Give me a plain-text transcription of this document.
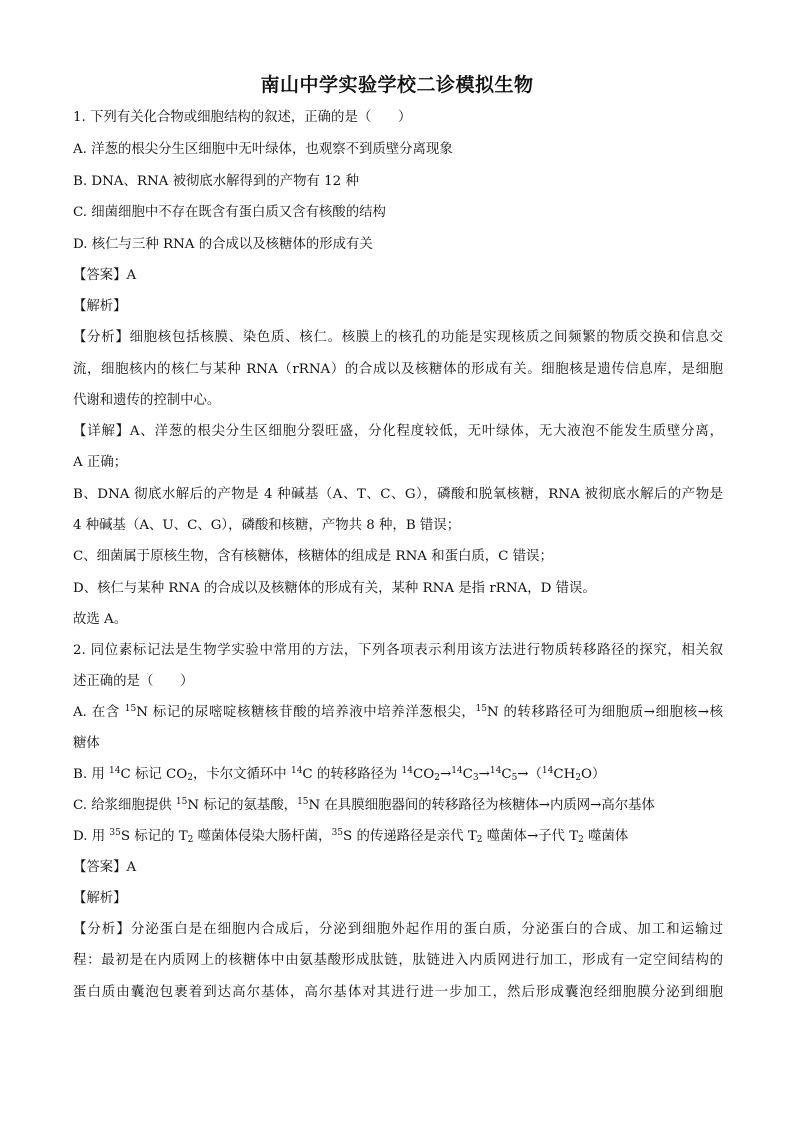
南山中学实验学校二诊模拟生物
1. 下列有关化合物或细胞结构的叙述，正确的是（　　）
A. 洋葱的根尖分生区细胞中无叶绿体，也观察不到质壁分离现象
B. DNA、RNA 被彻底水解得到的产物有 12 种
C. 细菌细胞中不存在既含有蛋白质又含有核酸的结构
D. 核仁与三种 RNA 的合成以及核糖体的形成有关
【答案】A
【解析】
【分析】细胞核包括核膜、染色质、核仁。核膜上的核孔的功能是实现核质之间频繁的物质交换和信息交
流，细胞核内的核仁与某种 RNA（rRNA）的合成以及核糖体的形成有关。细胞核是遗传信息库，是细胞
代谢和遗传的控制中心。
【详解】A、洋葱的根尖分生区细胞分裂旺盛，分化程度较低，无叶绿体，无大液泡不能发生质壁分离，
A 正确；
B、DNA 彻底水解后的产物是 4 种碱基（A、T、C、G），磷酸和脱氧核糖，RNA 被彻底水解后的产物是
4 种碱基（A、U、C、G），磷酸和核糖，产物共 8 种，B 错误；
C、细菌属于原核生物，含有核糖体，核糖体的组成是 RNA 和蛋白质，C 错误；
D、核仁与某种 RNA 的合成以及核糖体的形成有关，某种 RNA 是指 rRNA，D 错误。
故选 A。
2. 同位素标记法是生物学实验中常用的方法，下列各项表示利用该方法进行物质转移路径的探究，相关叙
述正确的是（　　）
A. 在含 $^{15}$N 标记的尿嘧啶核糖核苷酸的培养液中培养洋葱根尖，$^{15}$N 的转移路径可为细胞质→细胞核→核
糖体
B. 用 $^{14}$C 标记 $CO_2$，卡尔文循环中 $^{14}$C 的转移路径为 $^{14}CO_2\to^{14}C_3\to^{14}C_5\to(^{14}CH_2O)$
C. 给浆细胞提供 $^{15}$N 标记的氨基酸，$^{15}$N 在具膜细胞器间的转移路径为核糖体→内质网→高尔基体
D. 用 $^{35}$S 标记的 $T_2$ 噬菌体侵染大肠杆菌，$^{35}$S 的传递路径是亲代 $T_2$ 噬菌体→子代 $T_2$ 噬菌体
【答案】A
【解析】
【分析】分泌蛋白是在细胞内合成后，分泌到细胞外起作用的蛋白质，分泌蛋白的合成、加工和运输过
程：最初是在内质网上的核糖体中由氨基酸形成肽链，肽链进入内质网进行加工，形成有一定空间结构的
蛋白质由囊泡包裹着到达高尔基体，高尔基体对其进行进一步加工，然后形成囊泡经细胞膜分泌到细胞
